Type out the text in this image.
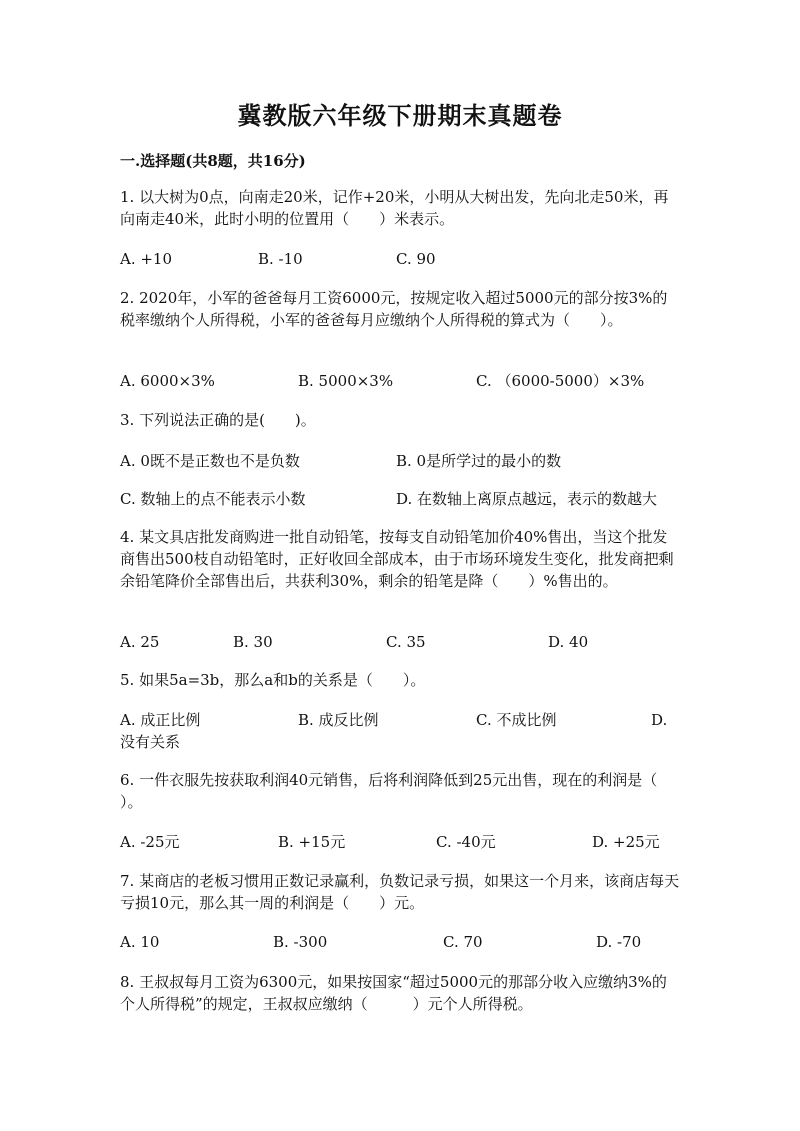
冀教版六年级下册期末真题卷
一.选择题(共8题，共16分)
1. 以大树为0点，向南走20米，记作+20米，小明从大树出发，先向北走50米，再向南走40米，此时小明的位置用（　　）米表示。
A. +10	B. -10	C. 90
2. 2020年，小军的爸爸每月工资6000元，按规定收入超过5000元的部分按3%的税率缴纳个人所得税，小军的爸爸每月应缴纳个人所得税的算式为（　　）。
A. 6000×3%	B. 5000×3%	C. （6000-5000）×3%
3. 下列说法正确的是(　　)。
A. 0既不是正数也不是负数	B. 0是所学过的最小的数
C. 数轴上的点不能表示小数	D. 在数轴上离原点越远，表示的数越大
4. 某文具店批发商购进一批自动铅笔，按每支自动铅笔加价40%售出，当这个批发商售出500枝自动铅笔时，正好收回全部成本，由于市场环境发生变化，批发商把剩余铅笔降价全部售出后，共获利30%，剩余的铅笔是降（　　）%售出的。
A. 25	B. 30	C. 35	D. 40
5. 如果5a=3b，那么a和b的关系是（　　）。
A. 成正比例	B. 成反比例	C. 不成比例	D.
没有关系
6. 一件衣服先按获取利润40元销售，后将利润降低到25元出售，现在的利润是（　　）。
A. -25元	B. +15元	C. -40元	D. +25元
7. 某商店的老板习惯用正数记录赢利，负数记录亏损，如果这一个月来，该商店每天亏损10元，那么其一周的利润是（　　）元。
A. 10	B. -300	C. 70	D. -70
8. 王叔叔每月工资为6300元，如果按国家“超过5000元的那部分收入应缴纳3%的个人所得税”的规定，王叔叔应缴纳（　　　）元个人所得税。
